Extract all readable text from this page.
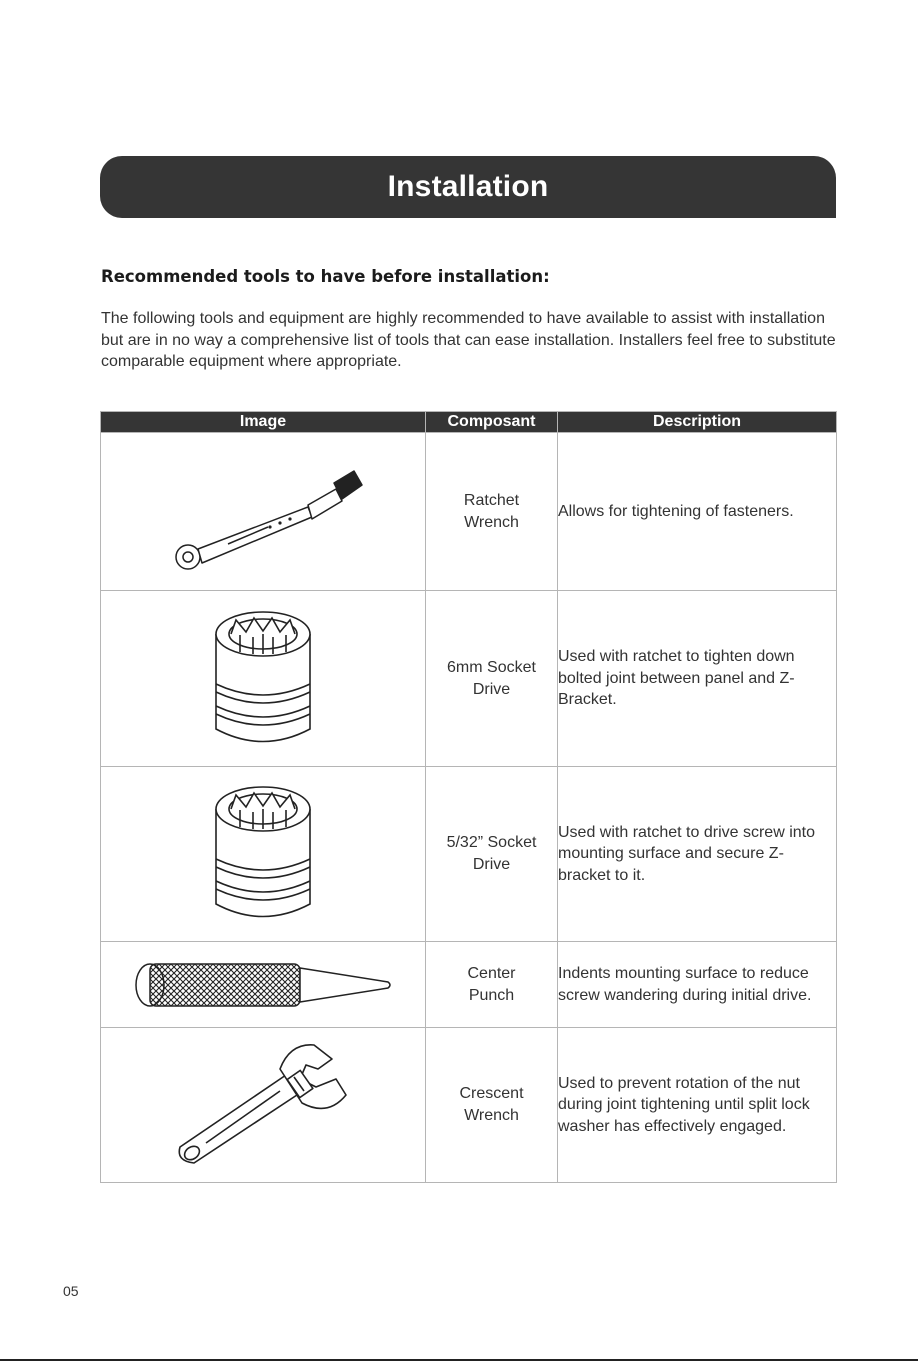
Installation
Recommended tools to have before installation:

The following tools and equipment are highly recommended to have available to assist with installation but are in no way a comprehensive list of tools that can ease installation. Installers feel free to substitute comparable equipment where appropriate.

Image	Composant	Description

Ratchet
Wrench	Allows for tightening of fasteners.

6mm Socket
Drive	Used with ratchet to tighten down bolted joint between panel and Z-Bracket.

5/32” Socket
Drive	Used with ratchet to drive screw into mounting surface and secure Z-bracket to it.

Center
Punch	Indents mounting surface to reduce screw wandering during initial drive.

Crescent
Wrench	Used to prevent rotation of the nut during joint tightening until split lock washer has effectively engaged.
05
